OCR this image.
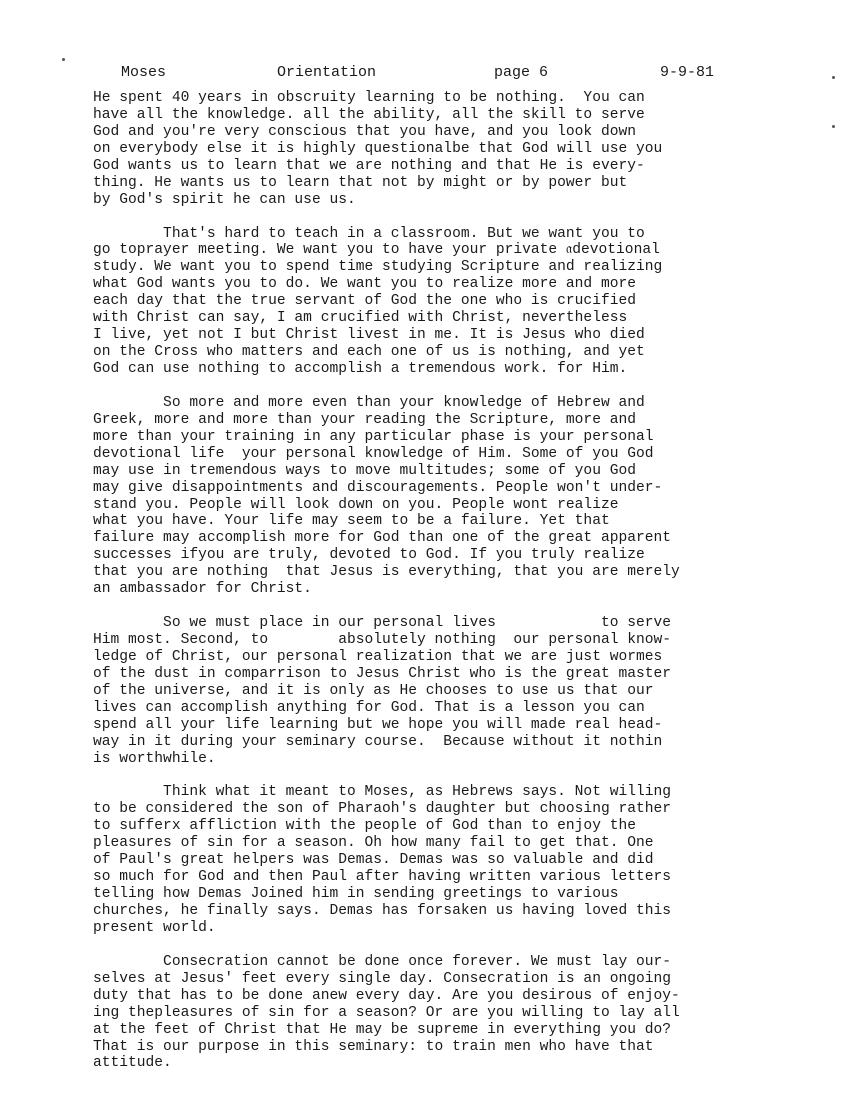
Moses	Orientation	page 6	9-9-81
He spent 40 years in obscruity learning to be nothing.  You can
have all the knowledge. all the ability, all the skill to serve
God and you're very conscious that you have, and you look down
on everybody else it is highly questionalbe that God will use you
God wants us to learn that we are nothing and that He is every-
thing. He wants us to learn that not by might or by power but
by God's spirit he can use us.
That's hard to teach in a classroom. But we want you to
go toprayer meeting. We want you to have your private 𝔞devotional
study. We want you to spend time studying Scripture and realizing
what God wants you to do. We want you to realize more and more
each day that the true servant of God the one who is crucified
with Christ can say, I am crucified with Christ, nevertheless
I live, yet not I but Christ livest in me. It is Jesus who died
on the Cross who matters and each one of us is nothing, and yet
God can use nothing to accomplish a tremendous work. for Him.
So more and more even than your knowledge of Hebrew and
Greek, more and more than your reading the Scripture, more and
more than your training in any particular phase is your personal
devotional life  your personal knowledge of Him. Some of you God
may use in tremendous ways to move multitudes; some of you God
may give disappointments and discouragements. People won't under-
stand you. People will look down on you. People wont realize
what you have. Your life may seem to be a failure. Yet that
failure may accomplish more for God than one of the great apparent
successes ifyou are truly, devoted to God. If you truly realize
that you are nothing  that Jesus is everything, that you are merely
an ambassador for Christ.
So we must place in our personal lives            to serve
Him most. Second, to        absolutely nothing  our personal know-
ledge of Christ, our personal realization that we are just wormes
of the dust in comparrison to Jesus Christ who is the great master
of the universe, and it is only as He chooses to use us that our
lives can accomplish anything for God. That is a lesson you can
spend all your life learning but we hope you will made real head-
way in it during your seminary course.  Because without it nothin
is worthwhile.
Think what it meant to Moses, as Hebrews says. Not willing
to be considered the son of Pharaoh's daughter but choosing rather
to sufferx affliction with the people of God than to enjoy the
pleasures of sin for a season. Oh how many fail to get that. One
of Paul's great helpers was Demas. Demas was so valuable and did
so much for God and then Paul after having written various letters
telling how Demas Joined him in sending greetings to various
churches, he finally says. Demas has forsaken us having loved this
present world.
Consecration cannot be done once forever. We must lay our-
selves at Jesus' feet every single day. Consecration is an ongoing
duty that has to be done anew every day. Are you desirous of enjoy-
ing thepleasures of sin for a season? Or are you willing to lay all
at the feet of Christ that He may be supreme in everything you do?
That is our purpose in this seminary: to train men who have that
attitude.
